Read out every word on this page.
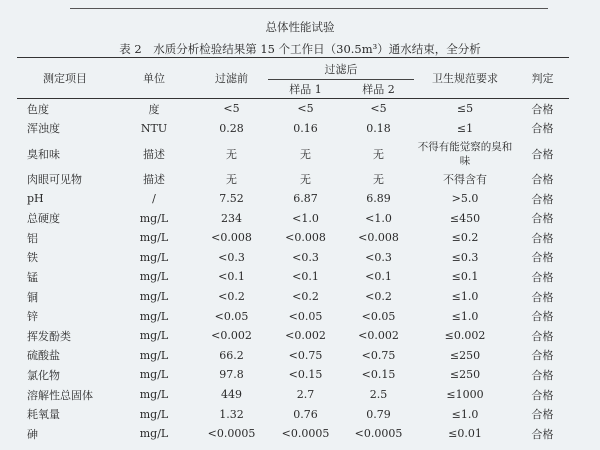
总体性能试验
表 2　水质分析检验结果第 15 个工作日（30.5m³）通水结束，全分析
测定项目	单位	过滤前	过滤后		卫生规范要求	判定
			样品 1	样品 2		
色度	度	<5	<5	<5	≤5	合格
浑浊度	NTU	0.28	0.16	0.18	≤1	合格
臭和味	描述	无	无	无	不得有能觉察的臭和味	合格
肉眼可见物	描述	无	无	无	不得含有	合格
pH	/	7.52	6.87	6.89	>5.0	合格
总硬度	mg/L	234	<1.0	<1.0	≤450	合格
铝	mg/L	<0.008	<0.008	<0.008	≤0.2	合格
铁	mg/L	<0.3	<0.3	<0.3	≤0.3	合格
锰	mg/L	<0.1	<0.1	<0.1	≤0.1	合格
铜	mg/L	<0.2	<0.2	<0.2	≤1.0	合格
锌	mg/L	<0.05	<0.05	<0.05	≤1.0	合格
挥发酚类	mg/L	<0.002	<0.002	<0.002	≤0.002	合格
硫酸盐	mg/L	66.2	<0.75	<0.75	≤250	合格
氯化物	mg/L	97.8	<0.15	<0.15	≤250	合格
溶解性总固体	mg/L	449	2.7	2.5	≤1000	合格
耗氧量	mg/L	1.32	0.76	0.79	≤1.0	合格
砷	mg/L	<0.0005	<0.0005	<0.0005	≤0.01	合格
